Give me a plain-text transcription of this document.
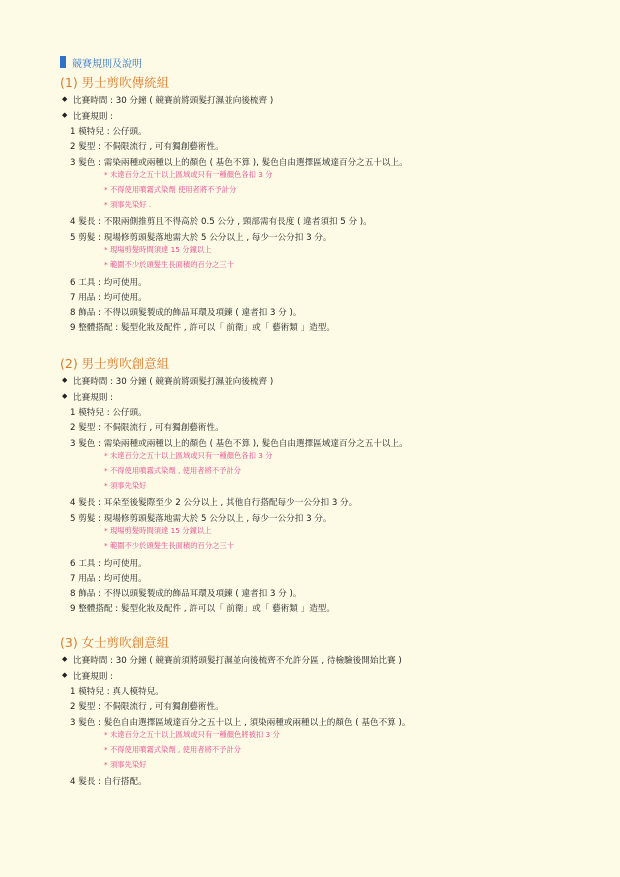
競賽規則及說明
(1) 男士剪吹傳統組
◆ 比賽時間 : 30 分鐘 ( 競賽前將頭髮打濕並向後梳齊 )
◆ 比賽規則 :
1 模特兒 : 公仔頭。
2 髮型 : 不侷限流行 , 可有獨創藝術性。
3 髮色 : 需染兩種或兩種以上的顏色 ( 基色不算 ), 髮色自由選擇區域達百分之五十以上。
* 未達百分之五十以上區域或只有一種顏色各扣 3 分
* 不得使用噴霧式染劑 使用者將不予計分
* 須事先染好 .
4 髮長 : 不限兩側推剪且不得高於 0.5 公分 , 頸部需有長度 ( 違者須扣 5 分 )。
5 剪髮 : 現場修剪頭髮落地需大於 5 公分以上 , 每少一公分扣 3 分。
* 現場剪髮時間須達 15 分鐘以上
* 範圍不少於頭髮生長面積的百分之三十
6 工具 : 均可使用。
7 用品 : 均可使用。
8 飾品 : 不得以頭髮製成的飾品耳環及項鍊 ( 違者扣 3 分 )。
9 整體搭配 : 髮型化妝及配件 , 許可以「 前衛」或「 藝術類 」造型。
(2) 男士剪吹創意組
◆ 比賽時間 : 30 分鐘 ( 競賽前將頭髮打濕並向後梳齊 )
◆ 比賽規則 :
1 模特兒 : 公仔頭。
2 髮型 : 不侷限流行 , 可有獨創藝術性。
3 髮色 : 需染兩種或兩種以上的顏色 ( 基色不算 ), 髮色自由選擇區域達百分之五十以上。
* 未達百分之五十以上區域或只有一種顏色各扣 3 分
* 不得使用噴霧式染劑 , 使用者將不予計分
* 須事先染好
4 髮長 : 耳朵至後髮際至少 2 公分以上 , 其他自行搭配每少一公分扣 3 分。
5 剪髮 : 現場修剪頭髮落地需大於 5 公分以上 , 每少一公分扣 3 分。
* 現場剪髮時間須達 15 分鐘以上
* 範圍不少於頭髮生長面積的百分之三十
6 工具 : 均可使用。
7 用品 : 均可使用。
8 飾品 : 不得以頭髮製成的飾品耳環及項鍊 ( 違者扣 3 分 )。
9 整體搭配 : 髮型化妝及配件 , 許可以「 前衛」或「 藝術類 」造型。
(3) 女士剪吹創意組
◆ 比賽時間 : 30 分鐘 ( 競賽前須將頭髮打濕並向後梳齊不允許分區 , 待檢驗後開始比賽 )
◆ 比賽規則 :
1 模特兒 : 真人模特兒。
2 髮型 : 不侷限流行 , 可有獨創藝術性。
3 髮色 : 髮色自由選擇區域達百分之五十以上 , 須染兩種或兩種以上的顏色 ( 基色不算 )。
* 未達百分之五十以上區域或只有一種顏色將被扣 3 分
* 不得使用噴霧式染劑 , 使用者將不予計分
* 須事先染好
4 髮長 : 自行搭配。
